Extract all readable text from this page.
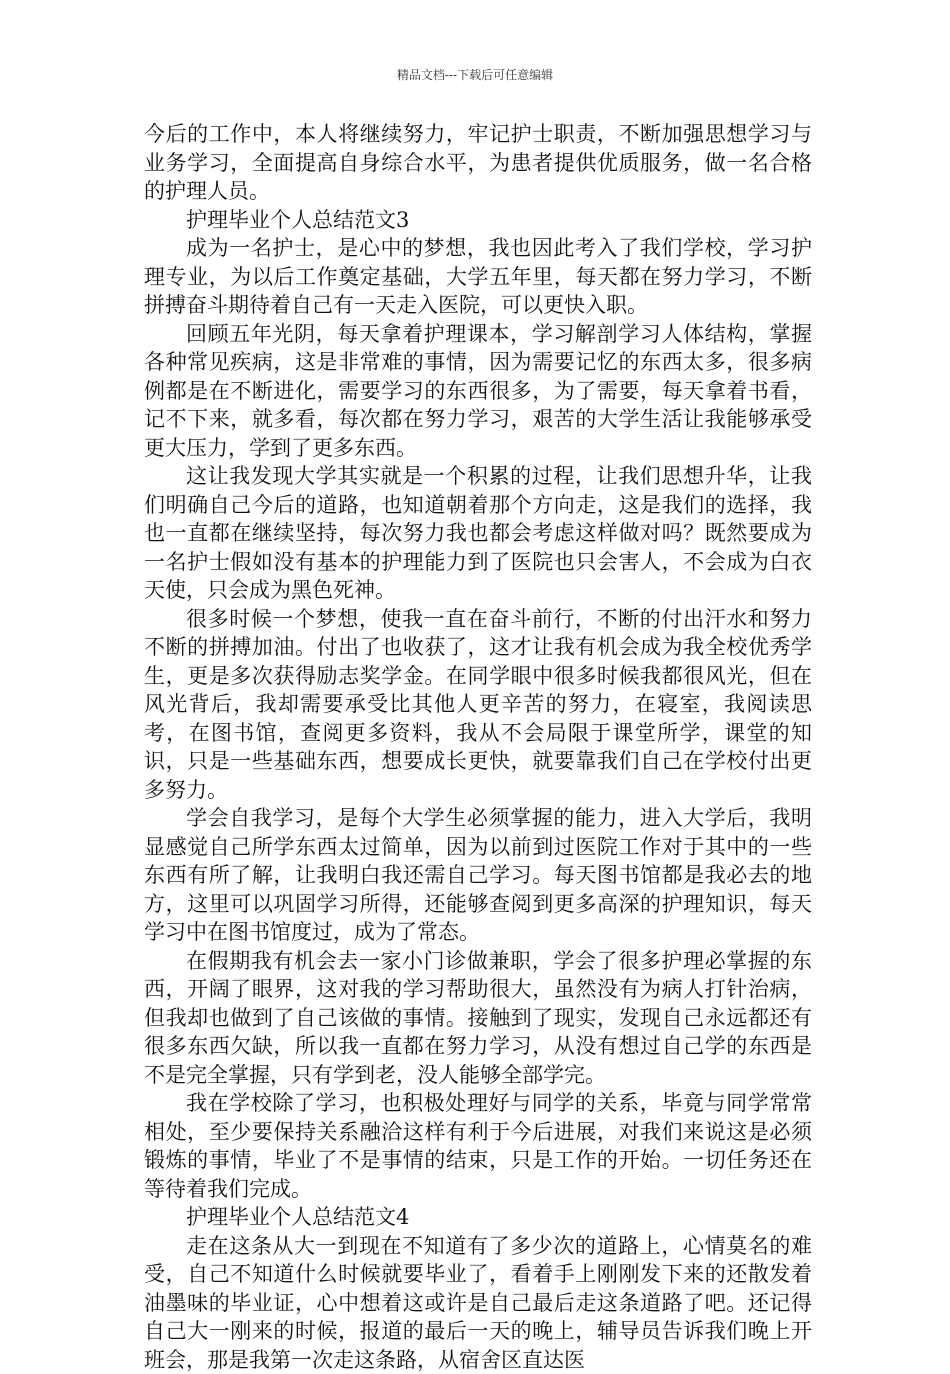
精品文档---下载后可任意编辑

今后的工作中，本人将继续努力，牢记护士职责，不断加强思想学习与业务学习，全面提高自身综合水平，为患者提供优质服务，做一名合格的护理人员。

护理毕业个人总结范文3

成为一名护士，是心中的梦想，我也因此考入了我们学校，学习护理专业，为以后工作奠定基础，大学五年里，每天都在努力学习，不断拼搏奋斗期待着自己有一天走入医院，可以更快入职。

回顾五年光阴，每天拿着护理课本，学习解剖学习人体结构，掌握各种常见疾病，这是非常难的事情，因为需要记忆的东西太多，很多病例都是在不断进化，需要学习的东西很多，为了需要，每天拿着书看，记不下来，就多看，每次都在努力学习，艰苦的大学生活让我能够承受更大压力，学到了更多东西。

这让我发现大学其实就是一个积累的过程，让我们思想升华，让我们明确自己今后的道路，也知道朝着那个方向走，这是我们的选择，我也一直都在继续坚持，每次努力我也都会考虑这样做对吗？既然要成为一名护士假如没有基本的护理能力到了医院也只会害人，不会成为白衣天使，只会成为黑色死神。

很多时候一个梦想，使我一直在奋斗前行，不断的付出汗水和努力不断的拼搏加油。付出了也收获了，这才让我有机会成为我全校优秀学生，更是多次获得励志奖学金。在同学眼中很多时候我都很风光，但在风光背后，我却需要承受比其他人更辛苦的努力，在寝室，我阅读思考，在图书馆，查阅更多资料，我从不会局限于课堂所学，课堂的知识，只是一些基础东西，想要成长更快，就要靠我们自己在学校付出更多努力。

学会自我学习，是每个大学生必须掌握的能力，进入大学后，我明显感觉自己所学东西太过简单，因为以前到过医院工作对于其中的一些东西有所了解，让我明白我还需自己学习。每天图书馆都是我必去的地方，这里可以巩固学习所得，还能够查阅到更多高深的护理知识，每天学习中在图书馆度过，成为了常态。

在假期我有机会去一家小门诊做兼职，学会了很多护理必掌握的东西，开阔了眼界，这对我的学习帮助很大，虽然没有为病人打针治病，但我却也做到了自己该做的事情。接触到了现实，发现自己永远都还有很多东西欠缺，所以我一直都在努力学习，从没有想过自己学的东西是不是完全掌握，只有学到老，没人能够全部学完。

我在学校除了学习，也积极处理好与同学的关系，毕竟与同学常常相处，至少要保持关系融洽这样有利于今后进展，对我们来说这是必须锻炼的事情，毕业了不是事情的结束，只是工作的开始。一切任务还在等待着我们完成。

护理毕业个人总结范文4

走在这条从大一到现在不知道有了多少次的道路上，心情莫名的难受，自己不知道什么时候就要毕业了，看着手上刚刚发下来的还散发着油墨味的毕业证，心中想着这或许是自己最后走这条道路了吧。还记得自己大一刚来的时候，报道的最后一天的晚上，辅导员告诉我们晚上开班会，那是我第一次走这条路，从宿舍区直达医
